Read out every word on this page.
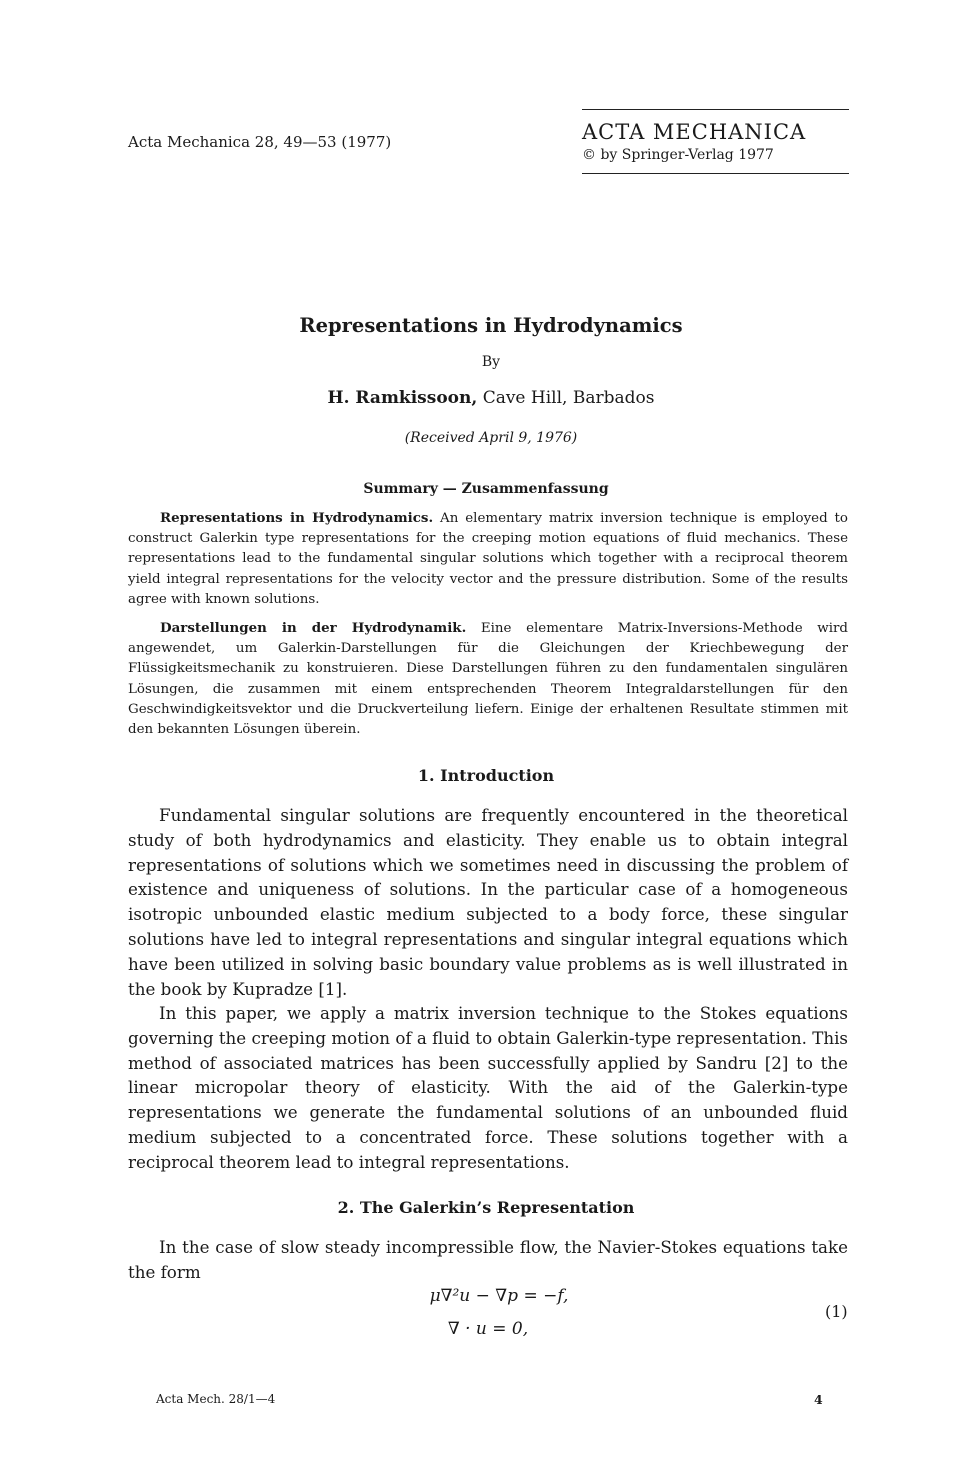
Acta Mechanica 28, 49—53 (1977)	ACTA MECHANICA
© by Springer-Verlag 1977
Representations in Hydrodynamics
By
H. Ramkissoon, Cave Hill, Barbados
(Received April 9, 1976)
Summary — Zusammenfassung
Representations in Hydrodynamics. An elementary matrix inversion technique is employed to construct Galerkin type representations for the creeping motion equations of fluid mechanics. These representations lead to the fundamental singular solutions which together with a reciprocal theorem yield integral representations for the velocity vector and the pressure distribution. Some of the results agree with known solutions.
Darstellungen in der Hydrodynamik. Eine elementare Matrix-Inversions-Methode wird angewendet, um Galerkin-Darstellungen für die Gleichungen der Kriechbewegung der Flüssigkeitsmechanik zu konstruieren. Diese Darstellungen führen zu den fundamentalen singulären Lösungen, die zusammen mit einem entsprechenden Theorem Integraldarstellungen für den Geschwindigkeitsvektor und die Druckverteilung liefern. Einige der erhaltenen Resultate stimmen mit den bekannten Lösungen überein.
1. Introduction
Fundamental singular solutions are frequently encountered in the theoretical study of both hydrodynamics and elasticity. They enable us to obtain integral representations of solutions which we sometimes need in discussing the problem of existence and uniqueness of solutions. In the particular case of a homogeneous isotropic unbounded elastic medium subjected to a body force, these singular solutions have led to integral representations and singular integral equations which have been utilized in solving basic boundary value problems as is well illustrated in the book by Kupradze [1].
In this paper, we apply a matrix inversion technique to the Stokes equations governing the creeping motion of a fluid to obtain Galerkin-type representation. This method of associated matrices has been successfully applied by Sandru [2] to the linear micropolar theory of elasticity. With the aid of the Galerkin-type representations we generate the fundamental solutions of an unbounded fluid medium subjected to a concentrated force. These solutions together with a reciprocal theorem lead to integral representations.
2. The Galerkin’s Representation
In the case of slow steady incompressible flow, the Navier-Stokes equations take the form
μ∇²u − ∇p = −f,
∇ · u = 0,
(1)
Acta Mech. 28/1—4	4
